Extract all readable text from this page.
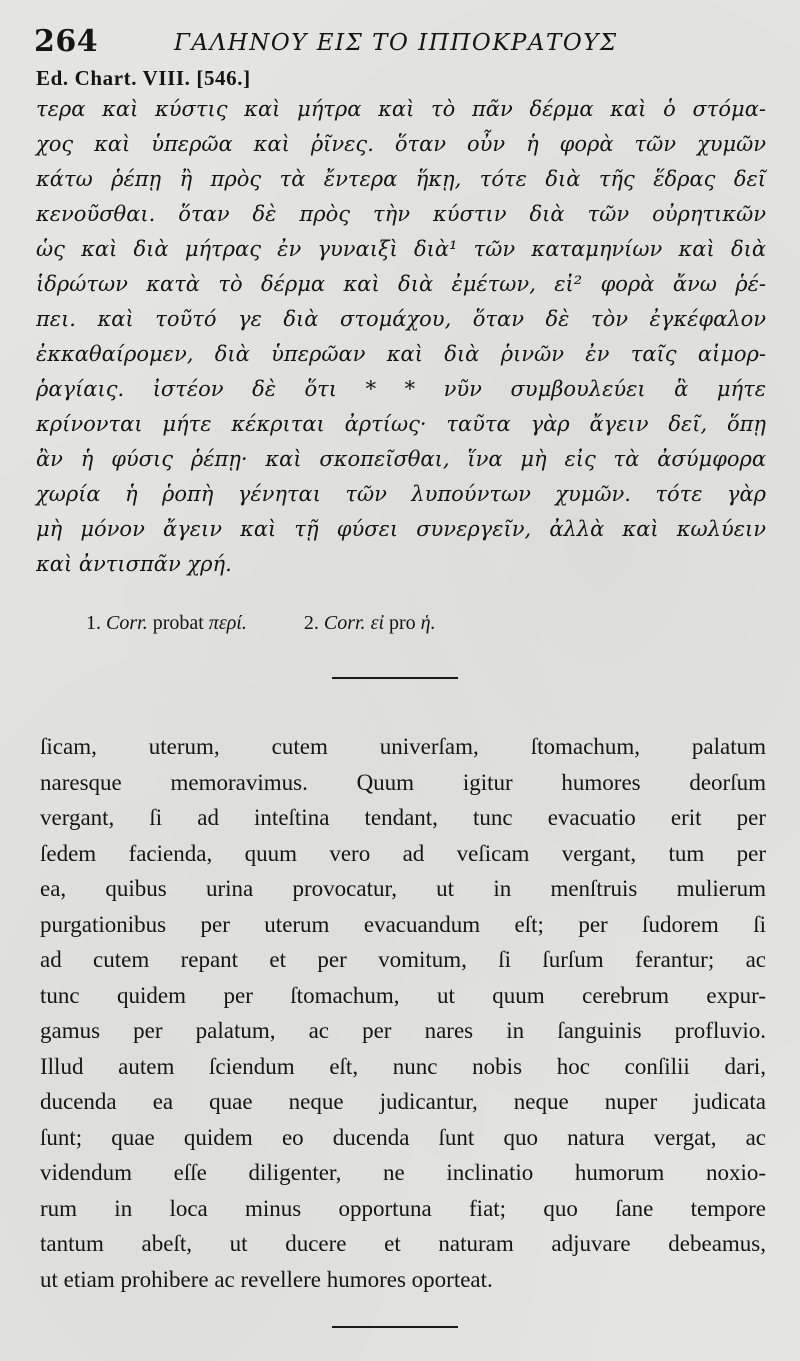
264	ΓΑΛΗΝΟΥ ΕΙΣ ΤΟ ΙΠΠΟΚΡΑΤΟΥΣ
Ed. Chart. VIII. [546.]
τερα καὶ κύστις καὶ μήτρα καὶ τὸ πᾶν δέρμα καὶ ὁ στόμα-
χος καὶ ὑπερῶα καὶ ῥῖνες. ὅταν οὖν ἡ φορὰ τῶν χυμῶν
κάτω ῥέπῃ ἢ πρὸς τὰ ἔντερα ἥκῃ, τότε διὰ τῆς ἕδρας δεῖ
κενοῦσθαι. ὅταν δὲ πρὸς τὴν κύστιν διὰ τῶν οὐρητικῶν
ὡς καὶ διὰ μήτρας ἐν γυναιξὶ διὰ¹ τῶν καταμηνίων καὶ διὰ
ἱδρώτων κατὰ τὸ δέρμα καὶ διὰ ἐμέτων, εἰ² φορὰ ἄνω ῥέ-
πει. καὶ τοῦτό γε διὰ στομάχου, ὅταν δὲ τὸν ἐγκέφαλον
ἐκκαθαίρομεν, διὰ ὑπερῶαν καὶ διὰ ῥινῶν ἐν ταῖς αἱμορ-
ῥαγίαις. ἰστέον δὲ ὅτι * * νῦν συμβουλεύει ἃ μήτε
κρίνονται μήτε κέκριται ἀρτίως· ταῦτα γὰρ ἄγειν δεῖ, ὅπῃ
ἂν ἡ φύσις ῥέπῃ· καὶ σκοπεῖσθαι, ἵνα μὴ εἰς τὰ ἀσύμφορα
χωρία ἡ ῥοπὴ γένηται τῶν λυπούντων χυμῶν. τότε γὰρ
μὴ μόνον ἄγειν καὶ τῇ φύσει συνεργεῖν, ἀλλὰ καὶ κωλύειν
καὶ ἀντισπᾶν χρή.
1. Corr. probat περί.	2. Corr. εἰ pro ἡ.
ſicam, uterum, cutem univerſam, ſtomachum, palatum
naresque memoravimus. Quum igitur humores deorſum
vergant, ſi ad inteſtina tendant, tunc evacuatio erit per
ſedem facienda, quum vero ad veſicam vergant, tum per
ea, quibus urina provocatur, ut in menſtruis mulierum
purgationibus per uterum evacuandum eſt; per ſudorem ſi
ad cutem repant et per vomitum, ſi ſurſum ferantur; ac
tunc quidem per ſtomachum, ut quum cerebrum expur-
gamus per palatum, ac per nares in ſanguinis profluvio.
Illud autem ſciendum eſt, nunc nobis hoc conſilii dari,
ducenda ea quae neque judicantur, neque nuper judicata
ſunt; quae quidem eo ducenda ſunt quo natura vergat, ac
videndum eſſe diligenter, ne inclinatio humorum noxio-
rum in loca minus opportuna fiat; quo ſane tempore
tantum abeſt, ut ducere et naturam adjuvare debeamus,
ut etiam prohibere ac revellere humores oporteat.
